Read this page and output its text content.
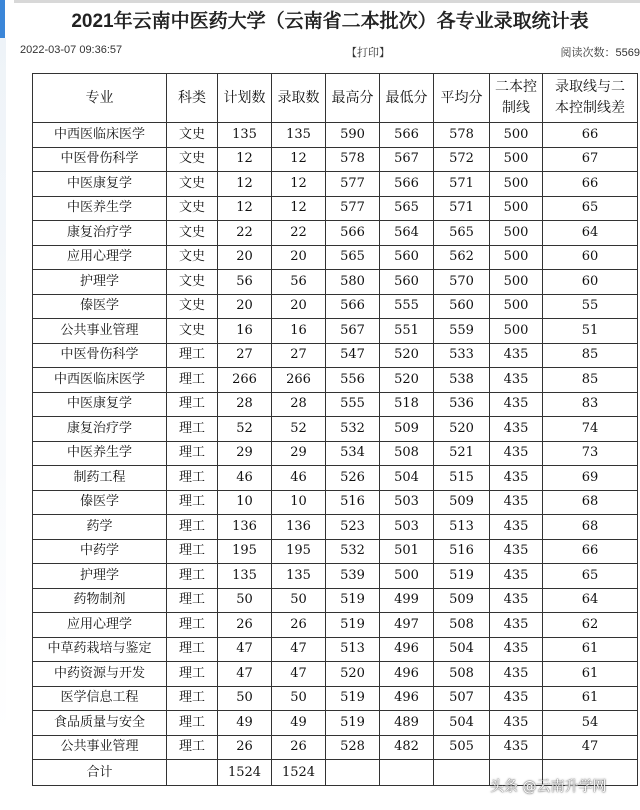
2021年云南中医药大学（云南省二本批次）各专业录取统计表
2022-03-07 09:36:57	【打印】	阅读次数：5569
专业	科类	计划数	录取数	最高分	最低分	平均分	二本控制线	录取线与二
本控制线差
中西医临床医学	文史	135	135	590	566	578	500	66
中医骨伤科学	文史	12	12	578	567	572	500	67
中医康复学	文史	12	12	577	566	571	500	66
中医养生学	文史	12	12	577	565	571	500	65
康复治疗学	文史	22	22	566	564	565	500	64
应用心理学	文史	20	20	565	560	562	500	60
护理学	文史	56	56	580	560	570	500	60
傣医学	文史	20	20	566	555	560	500	55
公共事业管理	文史	16	16	567	551	559	500	51
中医骨伤科学	理工	27	27	547	520	533	435	85
中西医临床医学	理工	266	266	556	520	538	435	85
中医康复学	理工	28	28	555	518	536	435	83
康复治疗学	理工	52	52	532	509	520	435	74
中医养生学	理工	29	29	534	508	521	435	73
制药工程	理工	46	46	526	504	515	435	69
傣医学	理工	10	10	516	503	509	435	68
药学	理工	136	136	523	503	513	435	68
中药学	理工	195	195	532	501	516	435	66
护理学	理工	135	135	539	500	519	435	65
药物制剂	理工	50	50	519	499	509	435	64
应用心理学	理工	26	26	519	497	508	435	62
中草药栽培与鉴定	理工	47	47	513	496	504	435	61
中药资源与开发	理工	47	47	520	496	508	435	61
医学信息工程	理工	50	50	519	496	507	435	61
食品质量与安全	理工	49	49	519	489	504	435	54
公共事业管理	理工	26	26	528	482	505	435	47
合计		1524	1524					
头条 @云南升学网
